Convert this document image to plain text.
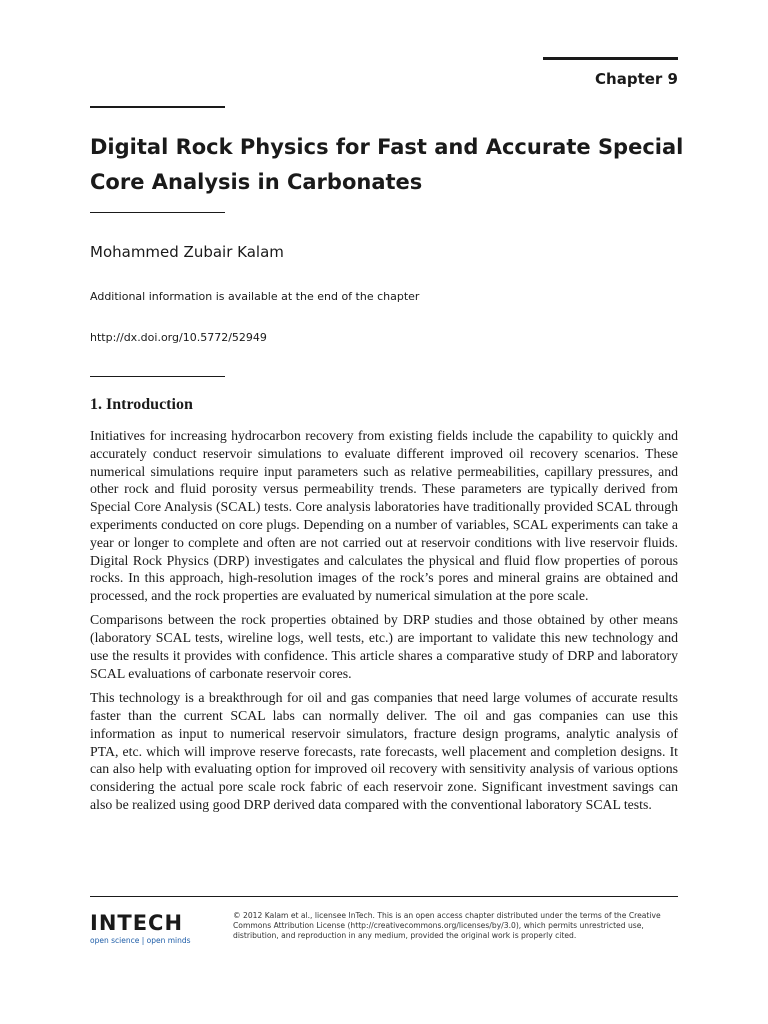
Chapter 9
Digital Rock Physics for Fast and Accurate Special Core Analysis in Carbonates
Mohammed Zubair Kalam
Additional information is available at the end of the chapter
http://dx.doi.org/10.5772/52949
1. Introduction

Initiatives for increasing hydrocarbon recovery from existing fields include the capability to quickly and accurately conduct reservoir simulations to evaluate different improved oil recovery scenarios. These numerical simulations require input parameters such as relative permeabilities, capillary pressures, and other rock and fluid porosity versus permeability trends. These parameters are typically derived from Special Core Analysis (SCAL) tests. Core analysis laboratories have traditionally provided SCAL through experiments conducted on core plugs. Depending on a number of variables, SCAL experiments can take a year or longer to complete and often are not carried out at reservoir conditions with live reservoir fluids. Digital Rock Physics (DRP) investigates and calculates the physical and fluid flow properties of porous rocks. In this approach, high-resolution images of the rock’s pores and mineral grains are obtained and processed, and the rock properties are evaluated by numerical simulation at the pore scale.

Comparisons between the rock properties obtained by DRP studies and those obtained by other means (laboratory SCAL tests, wireline logs, well tests, etc.) are important to validate this new technology and use the results it provides with confidence. This article shares a comparative study of DRP and laboratory SCAL evaluations of carbonate reservoir cores.

This technology is a breakthrough for oil and gas companies that need large volumes of accurate results faster than the current SCAL labs can normally deliver. The oil and gas companies can use this information as input to numerical reservoir simulators, fracture design programs, analytic analysis of PTA, etc. which will improve reserve forecasts, rate forecasts, well placement and completion designs. It can also help with evaluating option for improved oil recovery with sensitivity analysis of various options considering the actual pore scale rock fabric of each reservoir zone. Significant investment savings can also be realized using good DRP derived data compared with the conventional laboratory SCAL tests.

INTECH
open science | open minds
© 2012 Kalam et al., licensee InTech. This is an open access chapter distributed under the terms of the Creative Commons Attribution License (http://creativecommons.org/licenses/by/3.0), which permits unrestricted use, distribution, and reproduction in any medium, provided the original work is properly cited.
